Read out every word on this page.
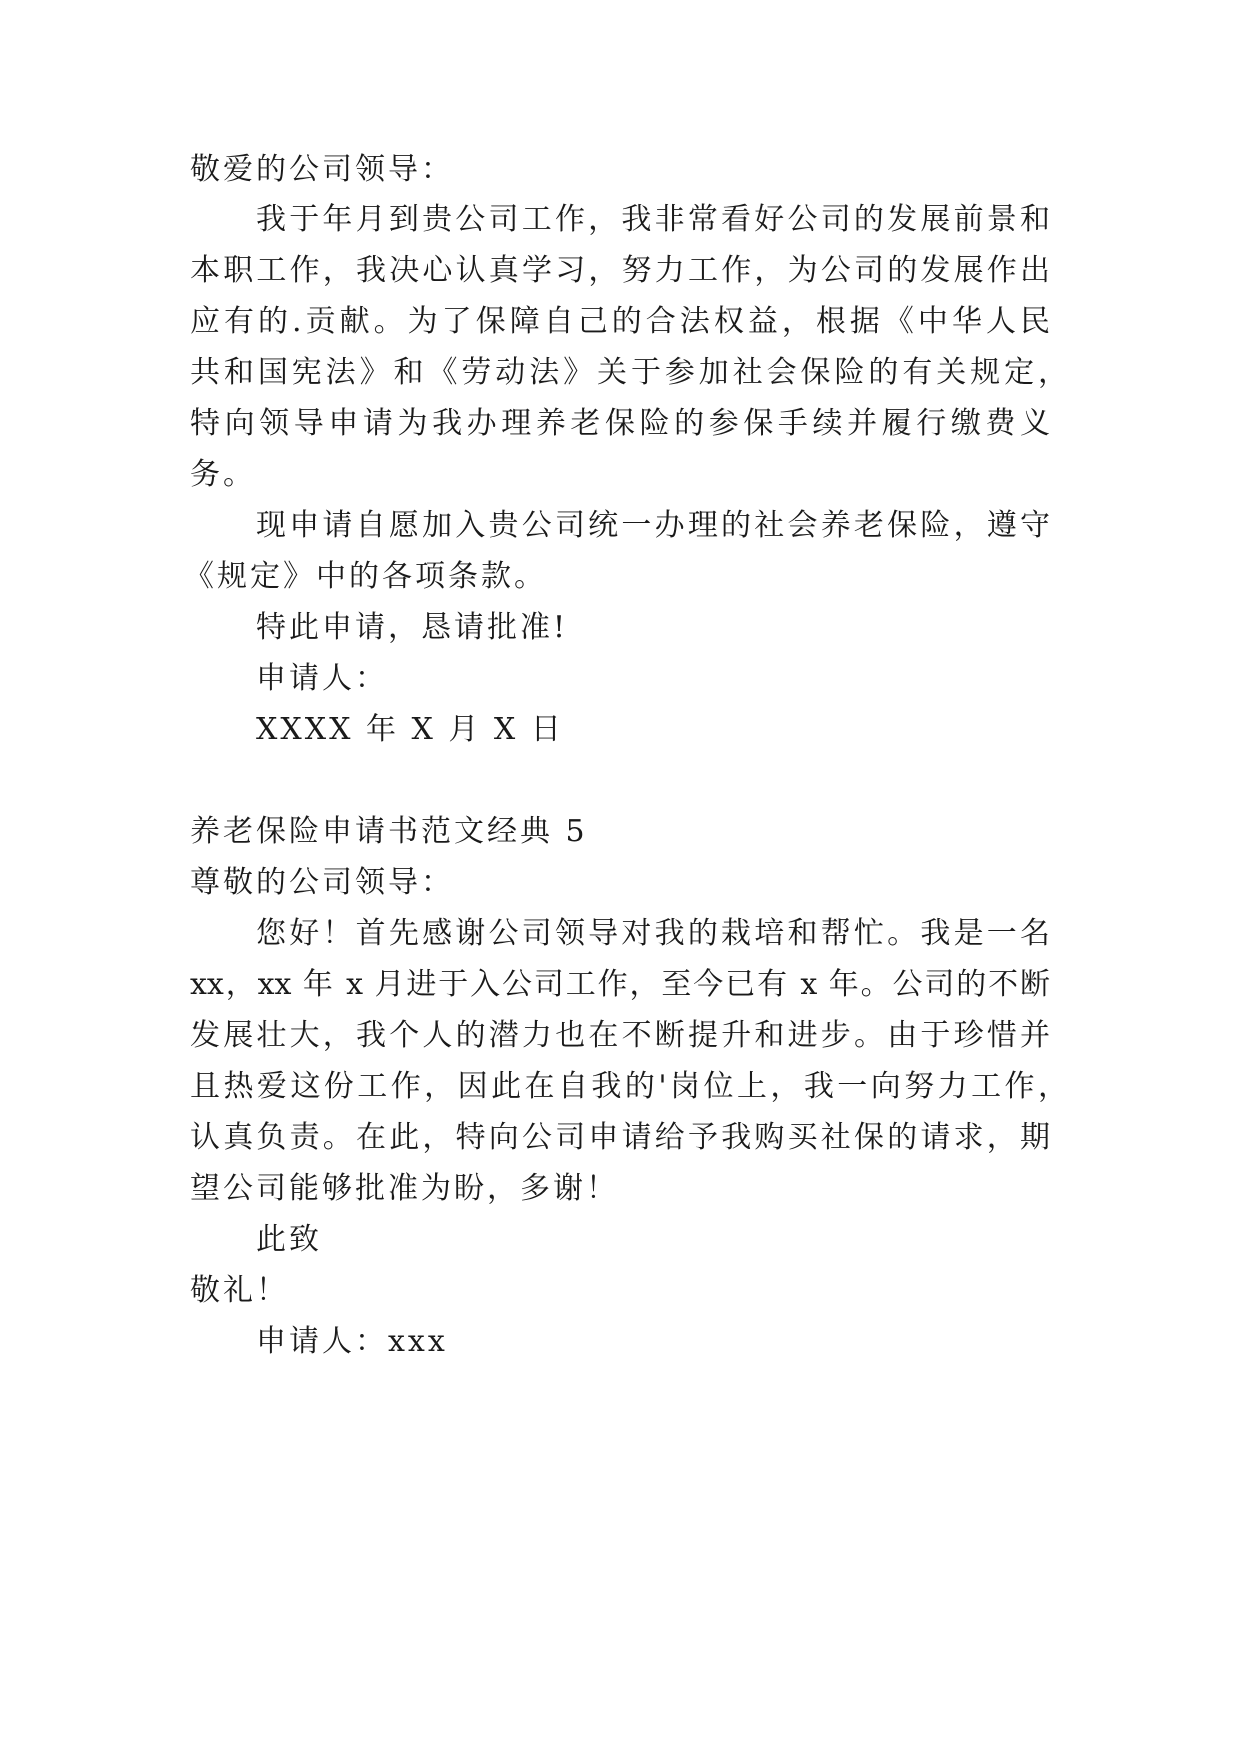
敬爱的公司领导：

我于年月到贵公司工作，我非常看好公司的发展前景和

本职工作，我决心认真学习，努力工作，为公司的发展作出

应有的.贡献。为了保障自己的合法权益，根据《中华人民

共和国宪法》和《劳动法》关于参加社会保险的有关规定，

特向领导申请为我办理养老保险的参保手续并履行缴费义

务。

现申请自愿加入贵公司统一办理的社会养老保险，遵守

《规定》中的各项条款。

特此申请，恳请批准!

申请人：

XXXX 年 X 月 X 日

养老保险申请书范文经典 5

尊敬的公司领导：

您好！首先感谢公司领导对我的栽培和帮忙。我是一名

xx，xx 年 x 月进于入公司工作，至今已有 x 年。公司的不断

发展壮大，我个人的潜力也在不断提升和进步。由于珍惜并

且热爱这份工作，因此在自我的'岗位上，我一向努力工作，

认真负责。在此，特向公司申请给予我购买社保的请求，期

望公司能够批准为盼，多谢！

此致

敬礼！

申请人：xxx
